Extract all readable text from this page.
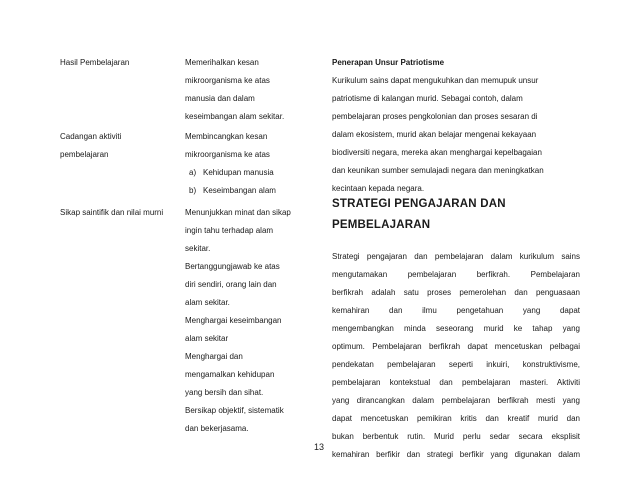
Hasil Pembelajaran	Memerihalkan kesan
mikroorganisma ke atas
manusia dan dalam
keseimbangan alam sekitar.
Cadangan aktiviti
pembelajaran
Membincangkan kesan
mikroorganisma ke atas
a) Kehidupan manusia
b) Keseimbangan alam
Sikap saintifik dan nilai murni	Menunjukkan minat dan sikap
ingin tahu terhadap alam
sekitar.
Bertanggungjawab ke atas
diri sendiri, orang lain dan
alam sekitar.
Menghargai keseimbangan
alam sekitar
Menghargai dan
mengamalkan kehidupan
yang bersih dan sihat.
Bersikap objektif, sistematik
dan bekerjasama.
Penerapan Unsur Patriotisme
Kurikulum sains dapat mengukuhkan dan memupuk unsur
patriotisme di kalangan murid. Sebagai contoh, dalam
pembelajaran proses pengkolonian dan proses sesaran di
dalam ekosistem, murid akan belajar mengenai kekayaan
biodiversiti negara, mereka akan menghargai kepelbagaian
dan keunikan sumber semulajadi negara dan meningkatkan
kecintaan kepada negara.
STRATEGI PENGAJARAN DAN
PEMBELAJARAN
Strategi pengajaran dan pembelajaran dalam kurikulum sains
mengutamakan pembelajaran berfikrah. Pembelajaran
berfikrah adalah satu proses pemerolehan dan penguasaan
kemahiran dan ilmu pengetahuan yang dapat
mengembangkan minda seseorang murid ke tahap yang
optimum. Pembelajaran berfikrah dapat mencetuskan pelbagai
pendekatan pembelajaran seperti inkuiri, konstruktivisme,
pembelajaran kontekstual dan pembelajaran masteri. Aktiviti
yang dirancangkan dalam pembelajaran berfikrah mesti yang
dapat mencetuskan pemikiran kritis dan kreatif murid dan
bukan berbentuk rutin. Murid perlu sedar secara eksplisit
kemahiran berfikir dan strategi berfikir yang digunakan dalam
13
